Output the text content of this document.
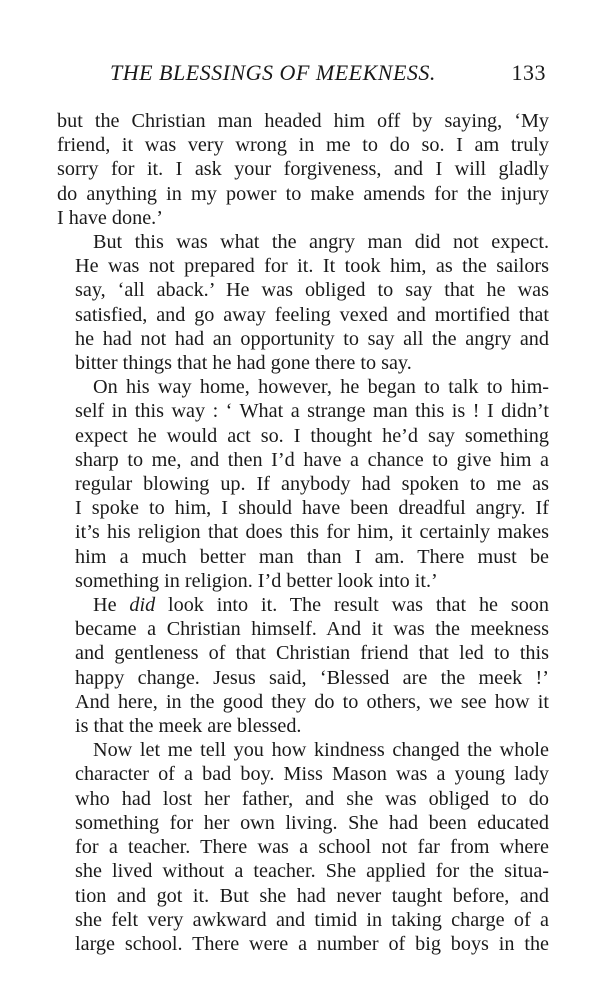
THE BLESSINGS OF MEEKNESS.	133

but the Christian man headed him off by saying, ‘My
friend, it was very wrong in me to do so. I am truly
sorry for it. I ask your forgiveness, and I will gladly
do anything in my power to make amends for the injury
I have done.’

But this was what the angry man did not expect.
He was not prepared for it. It took him, as the sailors
say, ‘all aback.’ He was obliged to say that he was
satisfied, and go away feeling vexed and mortified that
he had not had an opportunity to say all the angry and
bitter things that he had gone there to say.

On his way home, however, he began to talk to him-
self in this way : ‘ What a strange man this is ! I didn’t
expect he would act so. I thought he’d say something
sharp to me, and then I’d have a chance to give him a
regular blowing up. If anybody had spoken to me as
I spoke to him, I should have been dreadful angry. If
it’s his religion that does this for him, it certainly makes
him a much better man than I am. There must be
something in religion. I’d better look into it.’

He did look into it. The result was that he soon
became a Christian himself. And it was the meekness
and gentleness of that Christian friend that led to this
happy change. Jesus said, ‘Blessed are the meek !’
And here, in the good they do to others, we see how it
is that the meek are blessed.

Now let me tell you how kindness changed the whole
character of a bad boy. Miss Mason was a young lady
who had lost her father, and she was obliged to do
something for her own living. She had been educated
for a teacher. There was a school not far from where
she lived without a teacher. She applied for the situa-
tion and got it. But she had never taught before, and
she felt very awkward and timid in taking charge of a
large school. There were a number of big boys in the
